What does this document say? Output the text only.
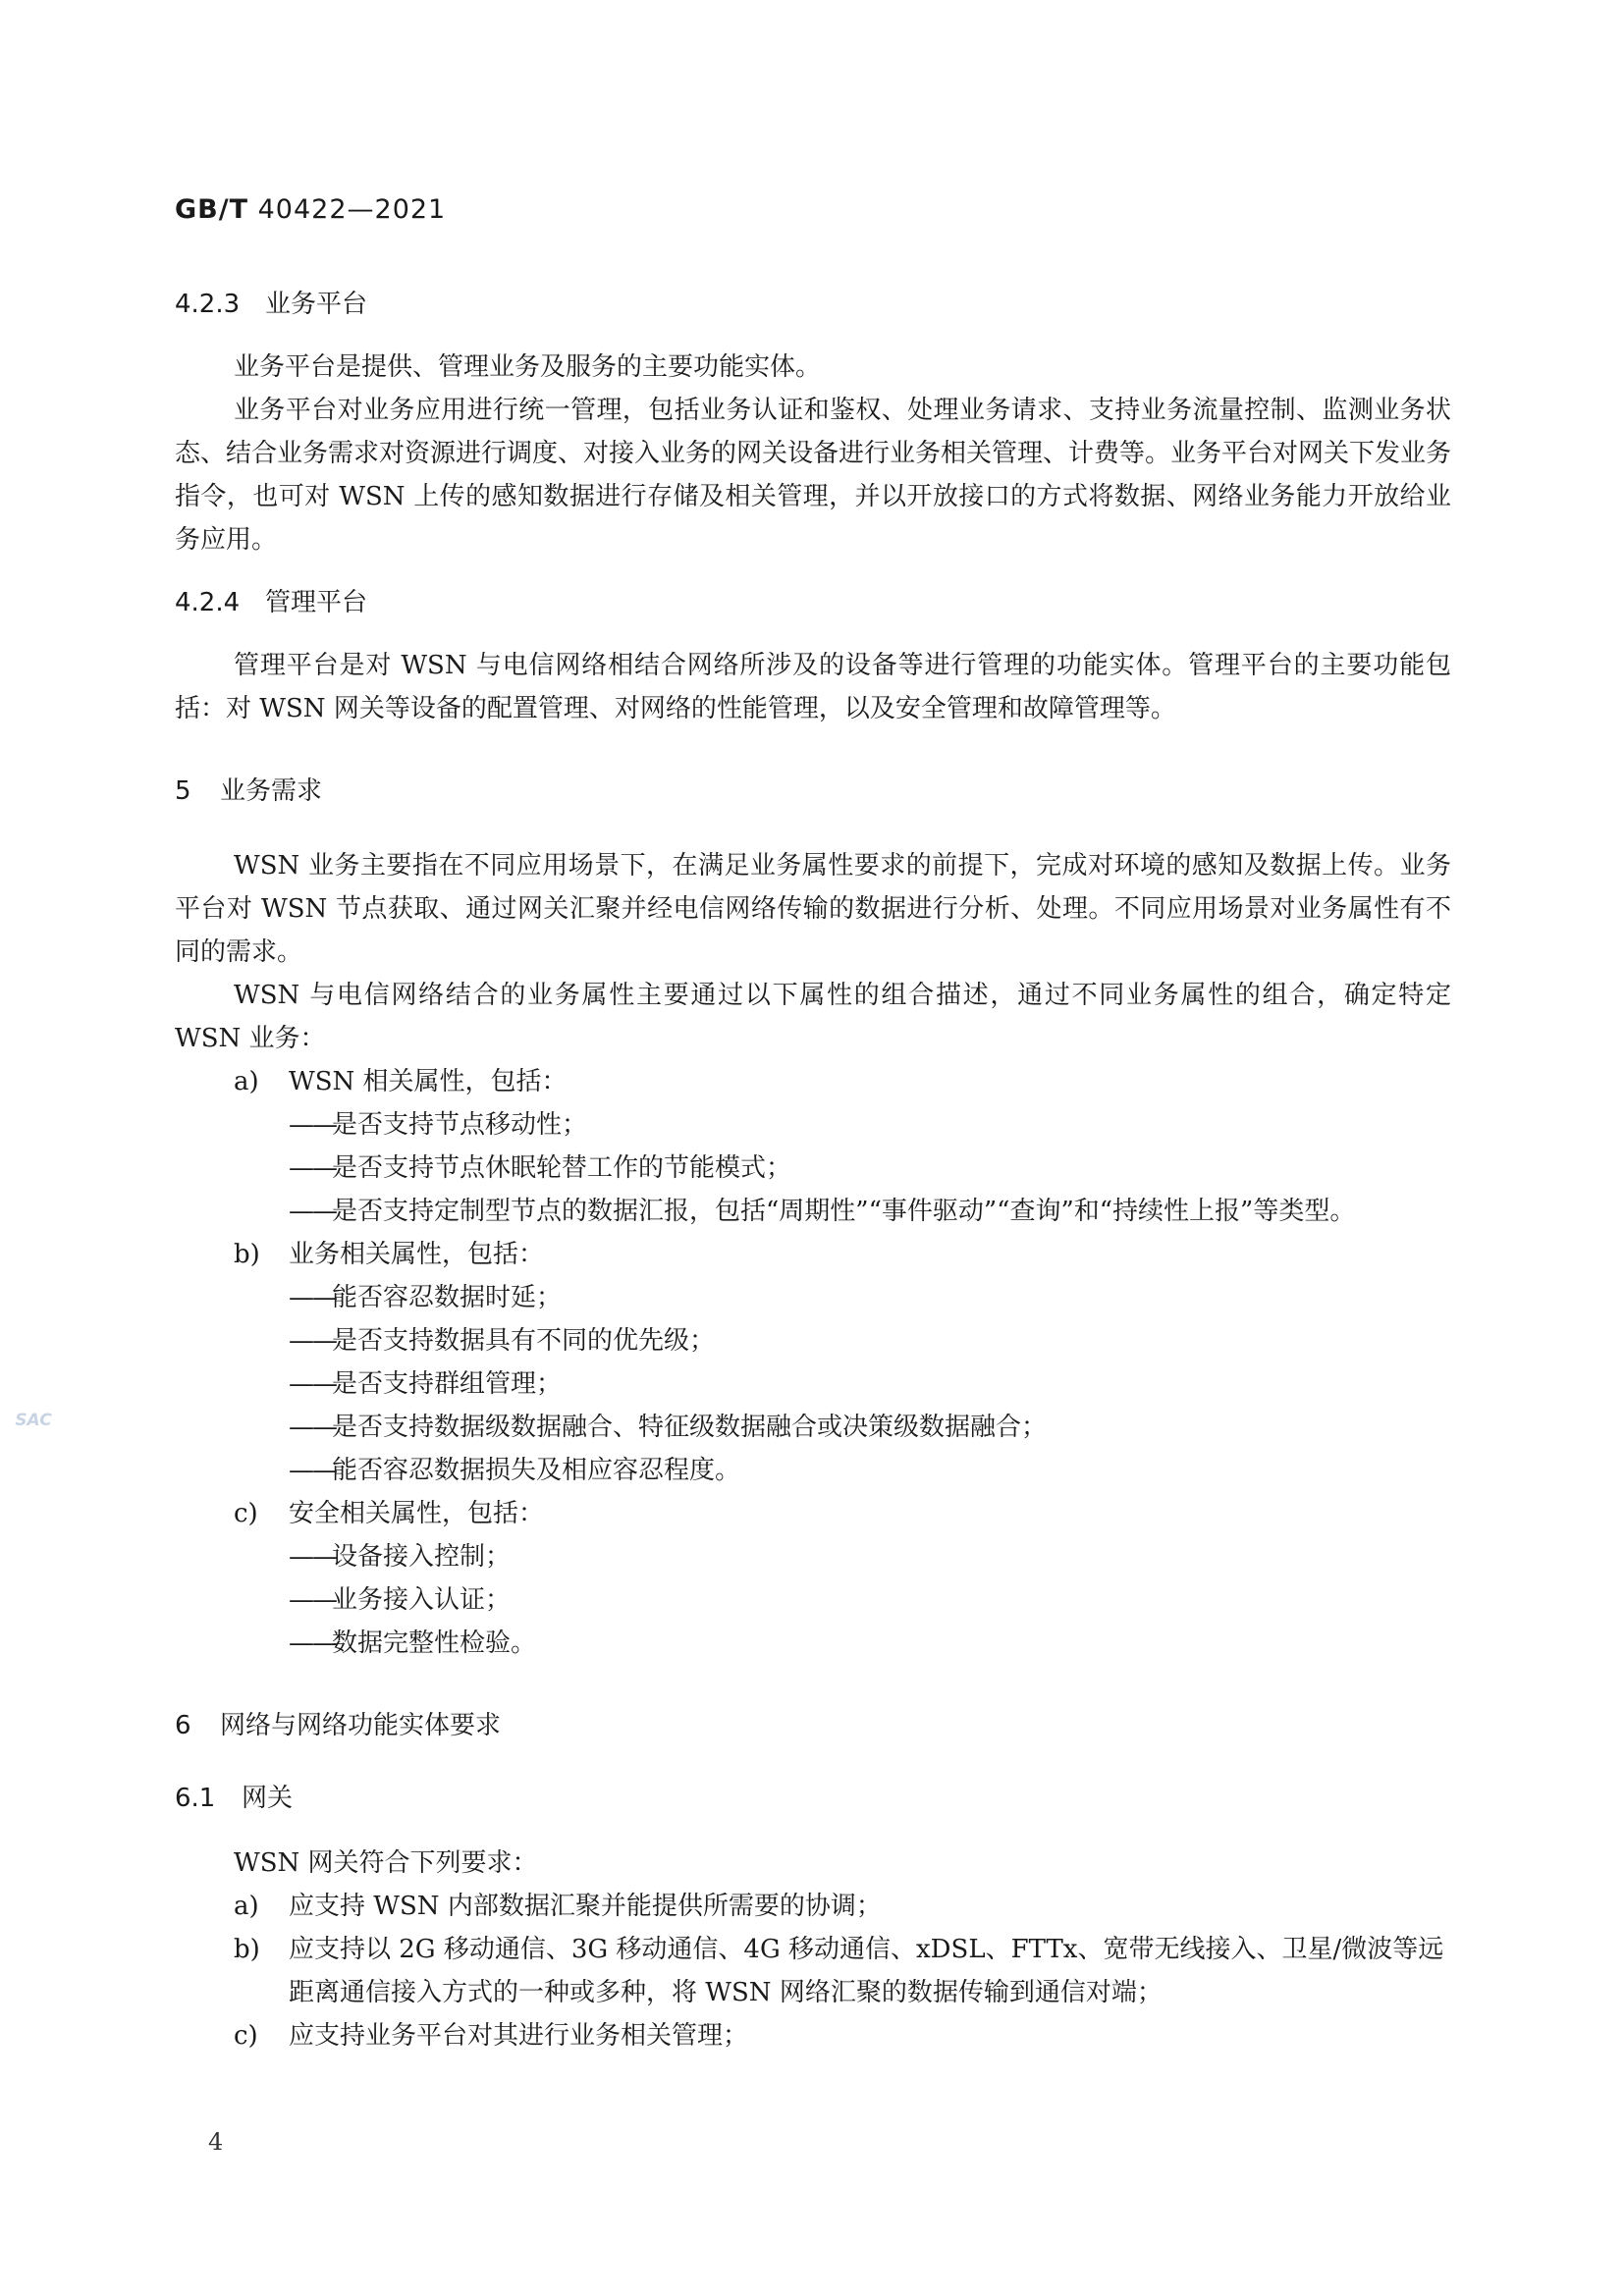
GB/T 40422—2021
SAC
4.2.3 业务平台

业务平台是提供、管理业务及服务的主要功能实体。

业务平台对业务应用进行统一管理，包括业务认证和鉴权、处理业务请求、支持业务流量控制、监测业务状态、结合业务需求对资源进行调度、对接入业务的网关设备进行业务相关管理、计费等。业务平台对网关下发业务指令，也可对 WSN 上传的感知数据进行存储及相关管理，并以开放接口的方式将数据、网络业务能力开放给业务应用。

4.2.4 管理平台

管理平台是对 WSN 与电信网络相结合网络所涉及的设备等进行管理的功能实体。管理平台的主要功能包括：对 WSN 网关等设备的配置管理、对网络的性能管理，以及安全管理和故障管理等。

5 业务需求

WSN 业务主要指在不同应用场景下，在满足业务属性要求的前提下，完成对环境的感知及数据上传。业务平台对 WSN 节点获取、通过网关汇聚并经电信网络传输的数据进行分析、处理。不同应用场景对业务属性有不同的需求。

WSN 与电信网络结合的业务属性主要通过以下属性的组合描述，通过不同业务属性的组合，确定特定 WSN 业务：

a) WSN 相关属性，包括：
——
是否支持节点移动性；
——
是否支持节点休眠轮替工作的节能模式；
——
是否支持定制型节点的数据汇报，包括“周期性”“事件驱动”“查询”和“持续性上报”等类型。
b) 业务相关属性，包括：
——
能否容忍数据时延；
——
是否支持数据具有不同的优先级；
——
是否支持群组管理；
——
是否支持数据级数据融合、特征级数据融合或决策级数据融合；
——
能否容忍数据损失及相应容忍程度。
c) 安全相关属性，包括：
——
设备接入控制；
——
业务接入认证；
——
数据完整性检验。
6 网络与网络功能实体要求
6.1 网关

WSN 网关符合下列要求：

a) 应支持 WSN 内部数据汇聚并能提供所需要的协调；
b) 应支持以 2G 移动通信、3G 移动通信、4G 移动通信、xDSL、FTTx、宽带无线接入、卫星/微波等远距离通信接入方式的一种或多种，将 WSN 网络汇聚的数据传输到通信对端；
c) 应支持业务平台对其进行业务相关管理；
4
